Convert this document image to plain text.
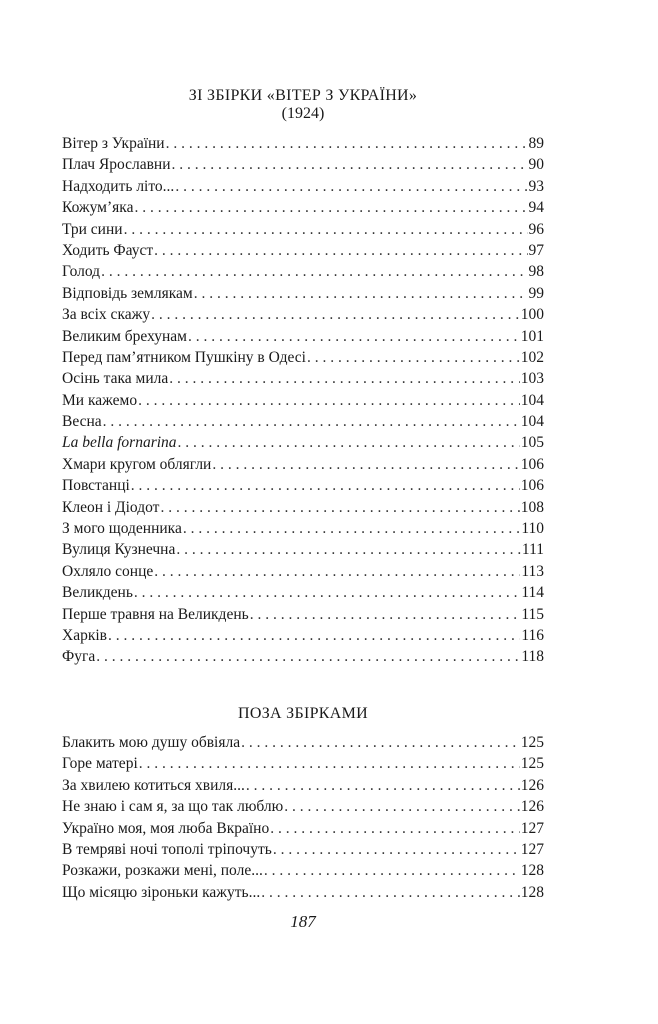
ЗІ ЗБІРКИ «ВІТЕР З УКРАЇНИ»

(1924)

Вітер з України . . .	89
Плач Ярославни . . .	90
Надходить літо... . . .	93
Кожум’яка . . .	94
Три сини . . .	96
Ходить Фауст . . .	97
Голод . . .	98
Відповідь землякам . . .	99
За всіх скажу . . .	100
Великим брехунам . . .	101
Перед пам’ятником Пушкіну в Одесі . . .	102
Осінь така мила . . .	103
Ми кажемо . . .	104
Весна . . .	104
La bella fornarina . . .	105
Хмари кругом облягли . . .	106
Повстанці . . .	106
Клеон і Діодот . . .	108
З мого щоденника . . .	110
Вулиця Кузнечна . . .	111
Охляло сонце . . .	113
Великдень . . .	114
Перше травня на Великдень . . .	115
Харків . . .	116
Фуга . . .	118

ПОЗА ЗБІРКАМИ

Блакить мою душу обвіяла . . .	125
Горе матері . . .	125
За хвилею котиться хвиля... . . .	126
Не знаю і сам я, за що так люблю . . .	126
Україно моя, моя люба Вкраїно . . .	127
В темряві ночі тополі тріпочуть . . .	127
Розкажи, розкажи мені, поле... . . .	128
Що місяцю зіроньки кажуть... . . .	128
187
